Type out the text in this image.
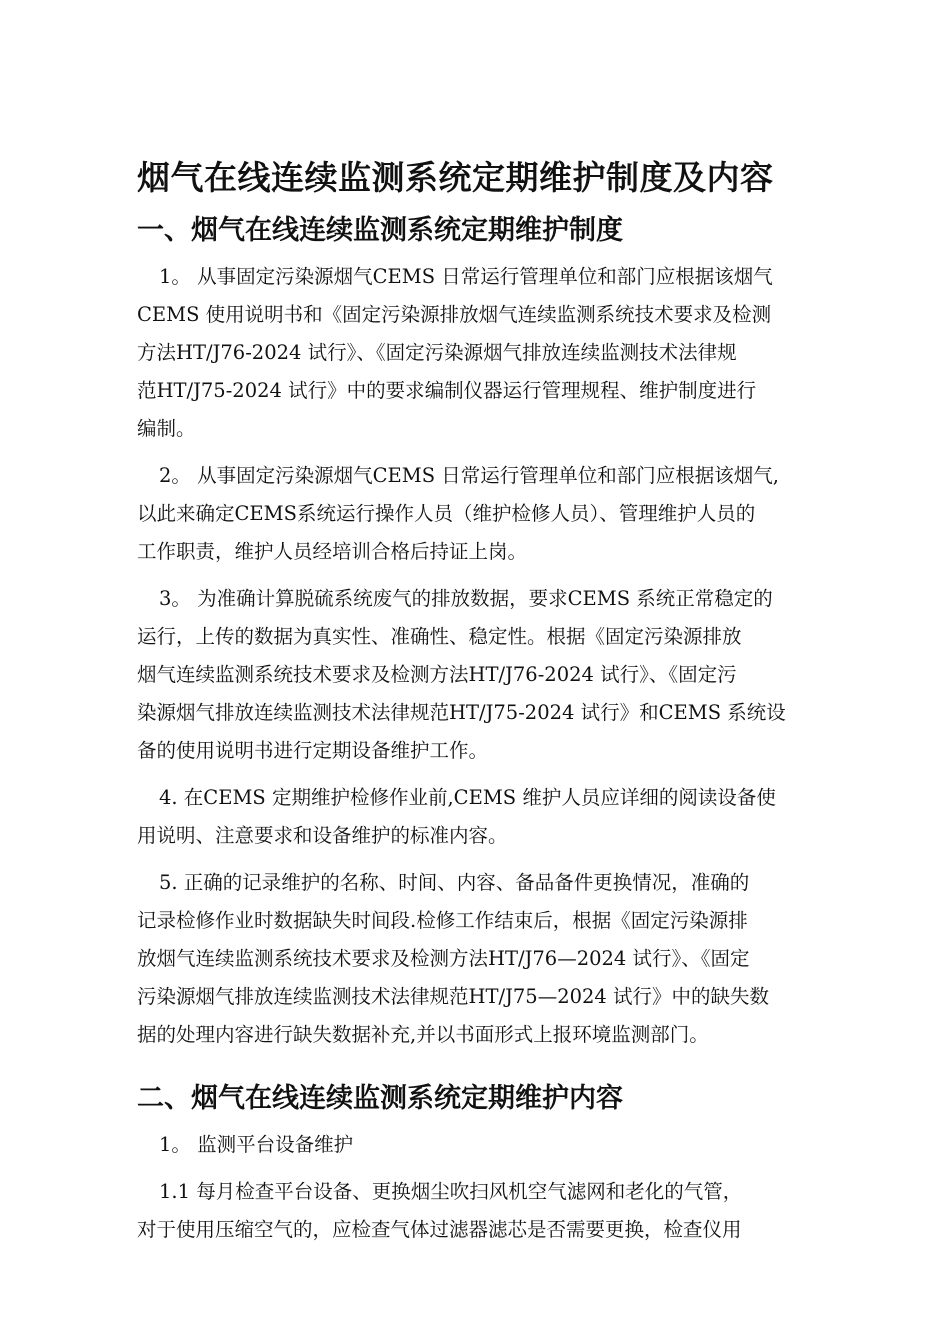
烟气在线连续监测系统定期维护制度及内容
一、烟气在线连续监测系统定期维护制度
1。 从事固定污染源烟气CEMS 日常运行管理单位和部门应根据该烟气
CEMS 使用说明书和《固定污染源排放烟气连续监测系统技术要求及检测
方法HT/J76-2024 试行》、《固定污染源烟气排放连续监测技术法律规
范HT/J75-2024 试行》中的要求编制仪器运行管理规程、维护制度进行
编制。
2。 从事固定污染源烟气CEMS 日常运行管理单位和部门应根据该烟气,
以此来确定CEMS系统运行操作人员（维护检修人员）、管理维护人员的
工作职责，维护人员经培训合格后持证上岗。
3。 为准确计算脱硫系统废气的排放数据，要求CEMS 系统正常稳定的
运行，上传的数据为真实性、准确性、稳定性。根据《固定污染源排放
烟气连续监测系统技术要求及检测方法HT/J76-2024 试行》、《固定污
染源烟气排放连续监测技术法律规范HT/J75-2024 试行》和CEMS 系统设
备的使用说明书进行定期设备维护工作。
4. 在CEMS 定期维护检修作业前,CEMS 维护人员应详细的阅读设备使
用说明、注意要求和设备维护的标准内容。
5. 正确的记录维护的名称、时间、内容、备品备件更换情况，准确的
记录检修作业时数据缺失时间段.检修工作结束后，根据《固定污染源排
放烟气连续监测系统技术要求及检测方法HT/J76—2024 试行》、《固定
污染源烟气排放连续监测技术法律规范HT/J75—2024 试行》中的缺失数
据的处理内容进行缺失数据补充,并以书面形式上报环境监测部门。
二、烟气在线连续监测系统定期维护内容
1。 监测平台设备维护
1.1 每月检查平台设备、更换烟尘吹扫风机空气滤网和老化的气管，
对于使用压缩空气的，应检查气体过滤器滤芯是否需要更换，检查仪用
